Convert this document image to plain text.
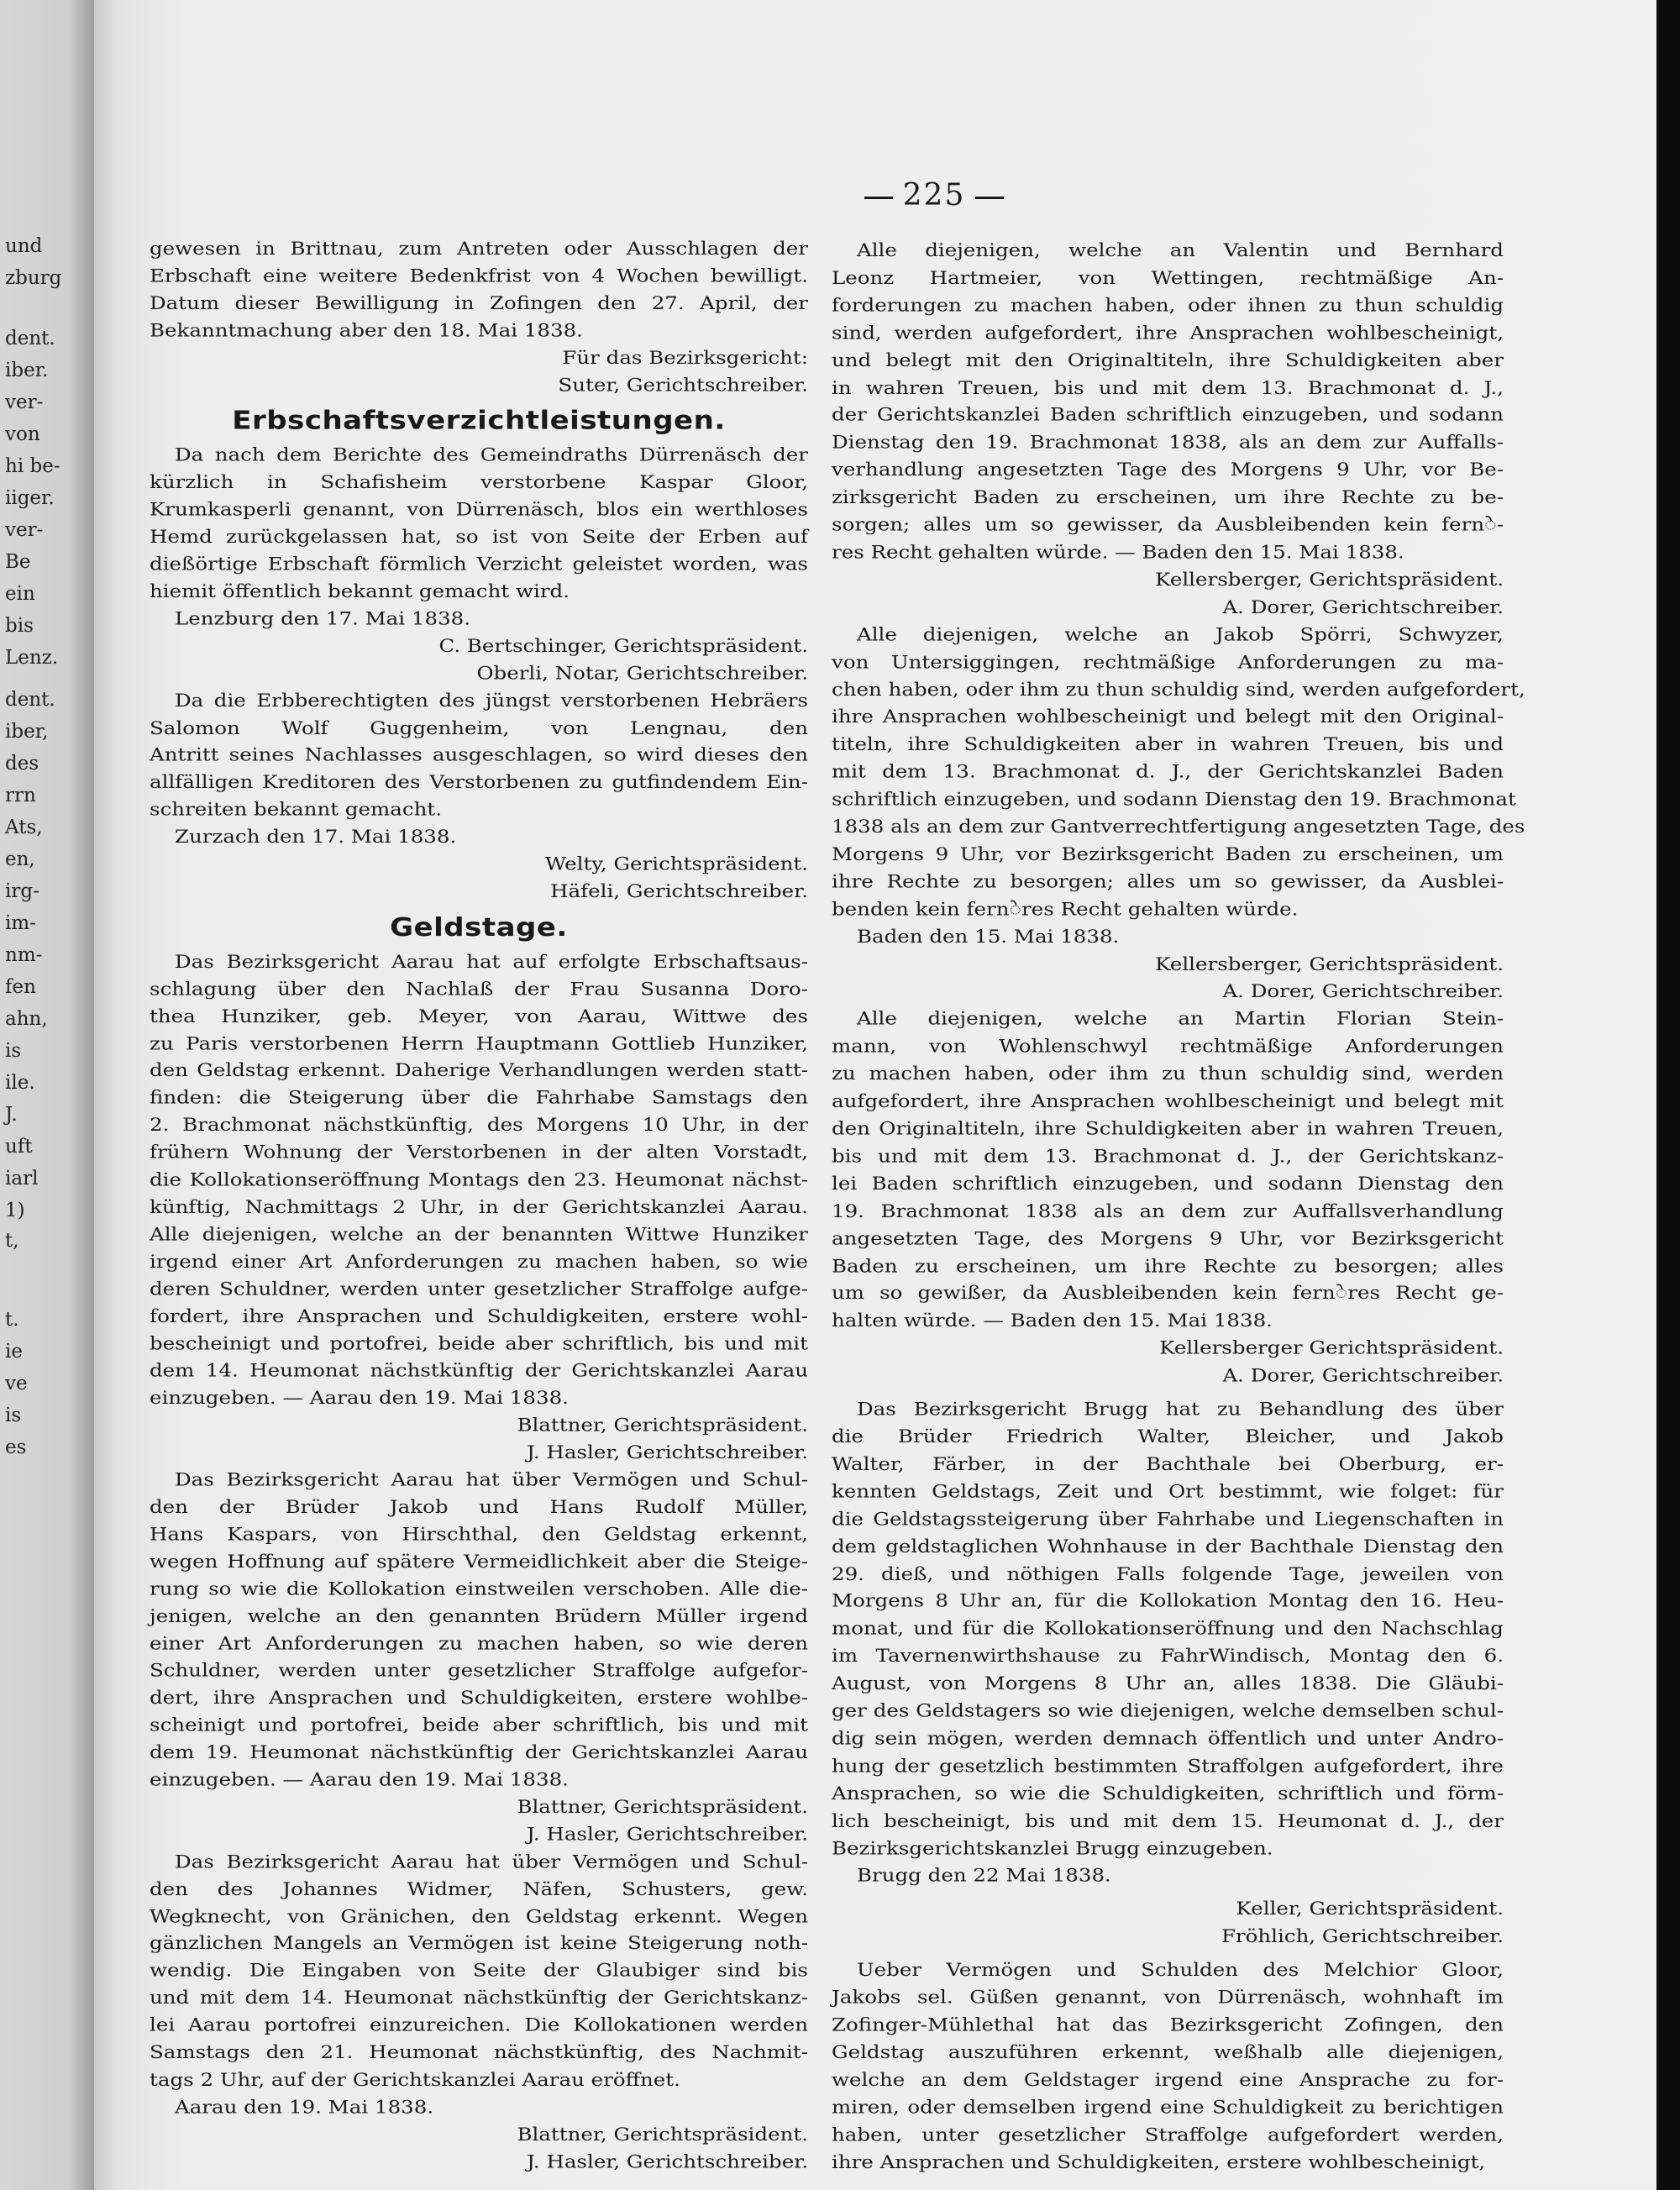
und
zburg
dent.
iber.
ver-
von
hi be-
iiger.
ver-
Be
ein
bis
Lenz.
dent.
iber,
des
rrn
Ats,
en,
irg-
im-
nm-
fen
ahn,
is
ile.
J.
uft
iarl
1)
t,
t.
ie
ve
is
es
225
gewesen in Brittnau, zum Antreten oder Ausschlagen der
Erbschaft eine weitere Bedenkfrist von 4 Wochen bewilligt.
Datum dieser Bewilligung in Zofingen den 27. April, der
Bekanntmachung aber den 18. Mai 1838.
Für das Bezirksgericht:
Suter, Gerichtschreiber.
Erbschaftsverzichtleistungen.
Da nach dem Berichte des Gemeindraths Dürrenäsch der
kürzlich in Schafisheim verstorbene Kaspar Gloor,
Krumkasperli genannt, von Dürrenäsch, blos ein werthloses
Hemd zurückgelassen hat, so ist von Seite der Erben auf
dießörtige Erbschaft förmlich Verzicht geleistet worden, was
hiemit öffentlich bekannt gemacht wird.
Lenzburg den 17. Mai 1838.
C. Bertschinger, Gerichtspräsident.
Oberli, Notar, Gerichtschreiber.
Da die Erbberechtigten des jüngst verstorbenen Hebräers
Salomon Wolf Guggenheim, von Lengnau, den
Antritt seines Nachlasses ausgeschlagen, so wird dieses den
allfälligen Kreditoren des Verstorbenen zu gutfindendem Ein-
schreiten bekannt gemacht.
Zurzach den 17. Mai 1838.
Welty, Gerichtspräsident.
Häfeli, Gerichtschreiber.
Geldstage.
Das Bezirksgericht Aarau hat auf erfolgte Erbschaftsaus-
schlagung über den Nachlaß der Frau Susanna Doro-
thea Hunziker, geb. Meyer, von Aarau, Wittwe des
zu Paris verstorbenen Herrn Hauptmann Gottlieb Hunziker,
den Geldstag erkennt. Daherige Verhandlungen werden statt-
finden: die Steigerung über die Fahrhabe Samstags den
2. Brachmonat nächstkünftig, des Morgens 10 Uhr, in der
frühern Wohnung der Verstorbenen in der alten Vorstadt,
die Kollokationseröffnung Montags den 23. Heumonat nächst-
künftig, Nachmittags 2 Uhr, in der Gerichtskanzlei Aarau.
Alle diejenigen, welche an der benannten Wittwe Hunziker
irgend einer Art Anforderungen zu machen haben, so wie
deren Schuldner, werden unter gesetzlicher Straffolge aufge-
fordert, ihre Ansprachen und Schuldigkeiten, erstere wohl-
bescheinigt und portofrei, beide aber schriftlich, bis und mit
dem 14. Heumonat nächstkünftig der Gerichtskanzlei Aarau
einzugeben. — Aarau den 19. Mai 1838.
Blattner, Gerichtspräsident.
J. Hasler, Gerichtschreiber.
Das Bezirksgericht Aarau hat über Vermögen und Schul-
den der Brüder Jakob und Hans Rudolf Müller,
Hans Kaspars, von Hirschthal, den Geldstag erkennt,
wegen Hoffnung auf spätere Vermeidlichkeit aber die Steige-
rung so wie die Kollokation einstweilen verschoben. Alle die-
jenigen, welche an den genannten Brüdern Müller irgend
einer Art Anforderungen zu machen haben, so wie deren
Schuldner, werden unter gesetzlicher Straffolge aufgefor-
dert, ihre Ansprachen und Schuldigkeiten, erstere wohlbe-
scheinigt und portofrei, beide aber schriftlich, bis und mit
dem 19. Heumonat nächstkünftig der Gerichtskanzlei Aarau
einzugeben. — Aarau den 19. Mai 1838.
Blattner, Gerichtspräsident.
J. Hasler, Gerichtschreiber.
Das Bezirksgericht Aarau hat über Vermögen und Schul-
den des Johannes Widmer, Näfen, Schusters, gew.
Wegknecht, von Gränichen, den Geldstag erkennt. Wegen
gänzlichen Mangels an Vermögen ist keine Steigerung noth-
wendig. Die Eingaben von Seite der Glaubiger sind bis
und mit dem 14. Heumonat nächstkünftig der Gerichtskanz-
lei Aarau portofrei einzureichen. Die Kollokationen werden
Samstags den 21. Heumonat nächstkünftig, des Nachmit-
tags 2 Uhr, auf der Gerichtskanzlei Aarau eröffnet.
Aarau den 19. Mai 1838.
Blattner, Gerichtspräsident.
J. Hasler, Gerichtschreiber.
Alle diejenigen, welche an Valentin und Bernhard
Leonz Hartmeier, von Wettingen, rechtmäßige An-
forderungen zu machen haben, oder ihnen zu thun schuldig
sind, werden aufgefordert, ihre Ansprachen wohlbescheinigt,
und belegt mit den Originaltiteln, ihre Schuldigkeiten aber
in wahren Treuen, bis und mit dem 13. Brachmonat d. J.,
der Gerichtskanzlei Baden schriftlich einzugeben, und sodann
Dienstag den 19. Brachmonat 1838, als an dem zur Auffalls-
verhandlung angesetzten Tage des Morgens 9 Uhr, vor Be-
zirksgericht Baden zu erscheinen, um ihre Rechte zu be-
sorgen; alles um so gewisser, da Ausbleibenden kein fernे-
res Recht gehalten würde. — Baden den 15. Mai 1838.
Kellersberger, Gerichtspräsident.
A. Dorer, Gerichtschreiber.
Alle diejenigen, welche an Jakob Spörri, Schwyzer,
von Untersiggingen, rechtmäßige Anforderungen zu ma-
chen haben, oder ihm zu thun schuldig sind, werden aufgefordert,
ihre Ansprachen wohlbescheinigt und belegt mit den Original-
titeln, ihre Schuldigkeiten aber in wahren Treuen, bis und
mit dem 13. Brachmonat d. J., der Gerichtskanzlei Baden
schriftlich einzugeben, und sodann Dienstag den 19. Brachmonat
1838 als an dem zur Gantverrechtfertigung angesetzten Tage, des
Morgens 9 Uhr, vor Bezirksgericht Baden zu erscheinen, um
ihre Rechte zu besorgen; alles um so gewisser, da Ausblei-
benden kein fernेres Recht gehalten würde.
Baden den 15. Mai 1838.
Kellersberger, Gerichtspräsident.
A. Dorer, Gerichtschreiber.
Alle diejenigen, welche an Martin Florian Stein-
mann, von Wohlenschwyl rechtmäßige Anforderungen
zu machen haben, oder ihm zu thun schuldig sind, werden
aufgefordert, ihre Ansprachen wohlbescheinigt und belegt mit
den Originaltiteln, ihre Schuldigkeiten aber in wahren Treuen,
bis und mit dem 13. Brachmonat d. J., der Gerichtskanz-
lei Baden schriftlich einzugeben, und sodann Dienstag den
19. Brachmonat 1838 als an dem zur Auffallsverhandlung
angesetzten Tage, des Morgens 9 Uhr, vor Bezirksgericht
Baden zu erscheinen, um ihre Rechte zu besorgen; alles
um so gewißer, da Ausbleibenden kein fernेres Recht ge-
halten würde. — Baden den 15. Mai 1838.
Kellersberger Gerichtspräsident.
A. Dorer, Gerichtschreiber.
Das Bezirksgericht Brugg hat zu Behandlung des über
die Brüder Friedrich Walter, Bleicher, und Jakob
Walter, Färber, in der Bachthale bei Oberburg, er-
kennten Geldstags, Zeit und Ort bestimmt, wie folget: für
die Geldstagssteigerung über Fahrhabe und Liegenschaften in
dem geldstaglichen Wohnhause in der Bachthale Dienstag den
29. dieß, und nöthigen Falls folgende Tage, jeweilen von
Morgens 8 Uhr an, für die Kollokation Montag den 16. Heu-
monat, und für die Kollokationseröffnung und den Nachschlag
im Tavernenwirthshause zu FahrWindisch, Montag den 6.
August, von Morgens 8 Uhr an, alles 1838. Die Gläubi-
ger des Geldstagers so wie diejenigen, welche demselben schul-
dig sein mögen, werden demnach öffentlich und unter Andro-
hung der gesetzlich bestimmten Straffolgen aufgefordert, ihre
Ansprachen, so wie die Schuldigkeiten, schriftlich und förm-
lich bescheinigt, bis und mit dem 15. Heumonat d. J., der
Bezirksgerichtskanzlei Brugg einzugeben.
Brugg den 22 Mai 1838.
Keller, Gerichtspräsident.
Fröhlich, Gerichtschreiber.
Ueber Vermögen und Schulden des Melchior Gloor,
Jakobs sel. Güßen genannt, von Dürrenäsch, wohnhaft im
Zofinger-Mühlethal hat das Bezirksgericht Zofingen, den
Geldstag auszuführen erkennt, weßhalb alle diejenigen,
welche an dem Geldstager irgend eine Ansprache zu for-
miren, oder demselben irgend eine Schuldigkeit zu berichtigen
haben, unter gesetzlicher Straffolge aufgefordert werden,
ihre Ansprachen und Schuldigkeiten, erstere wohlbescheinigt,
